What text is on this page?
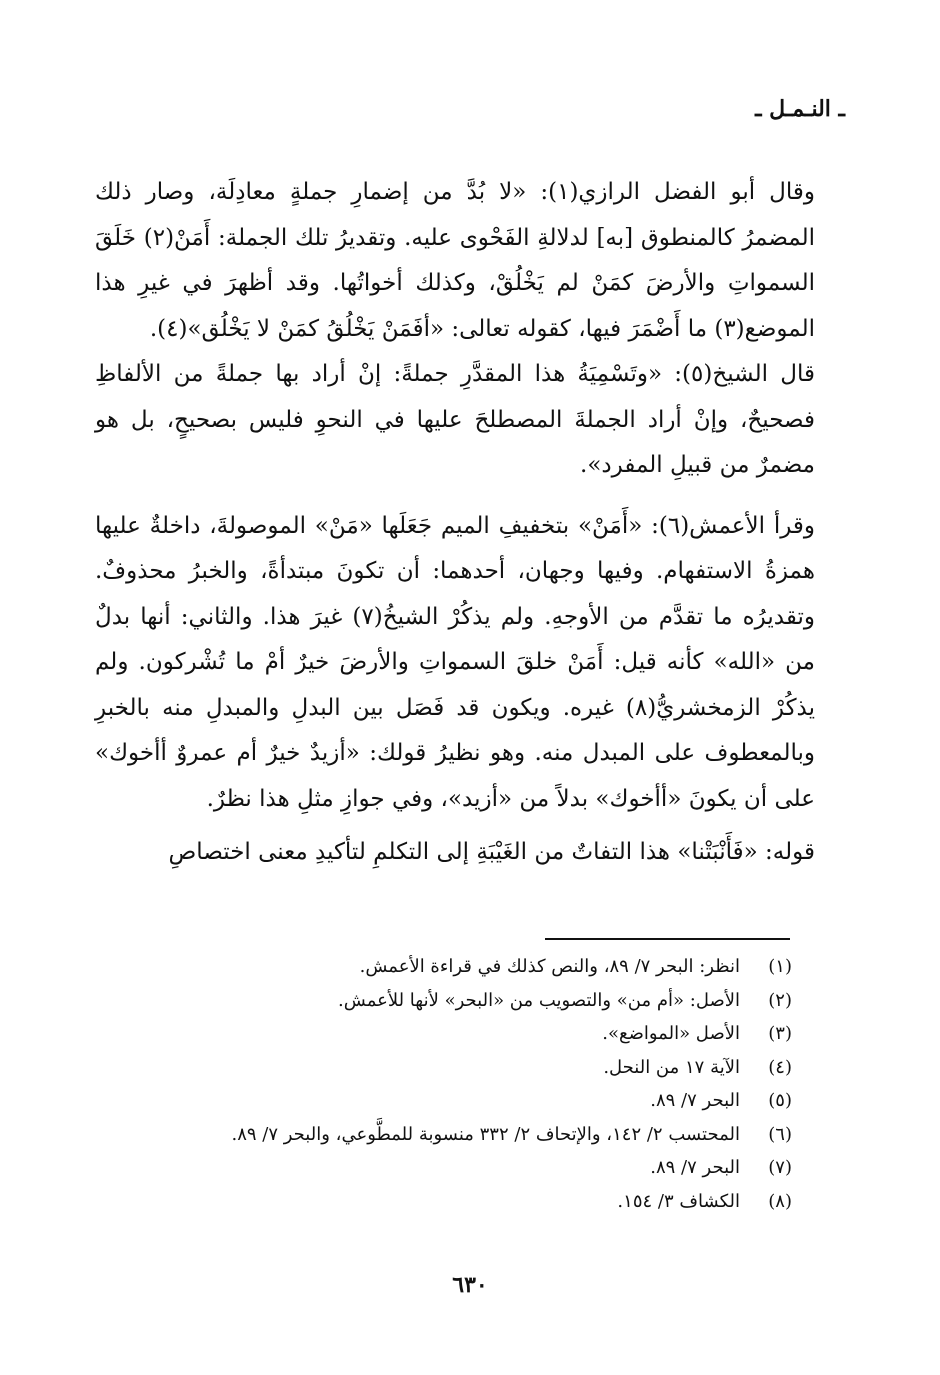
ـ النـمـل ـ

وقال أبو الفضل الرازي(١): «لا بُدَّ من إضمارِ جملةٍ معادِلَة، وصار ذلك المضمرُ كالمنطوق [به] لدلالةِ الفَحْوى عليه. وتقديرُ تلك الجملة: أَمَنْ(٢) خَلَقَ السمواتِ والأرضَ كمَنْ لم يَخْلُقْ، وكذلك أخواتُها. وقد أظهرَ في غيرِ هذا الموضع(٣) ما أَضْمَرَ فيها، كقوله تعالى: «أفَمَنْ يَخْلُقُ كمَنْ لا يَخْلُق»(٤).

قال الشيخ(٥): «وتَسْمِيَةُ هذا المقدَّرِ جملةً: إنْ أراد بها جملةً من الألفاظِ فصحيحٌ، وإنْ أراد الجملةَ المصطلحَ عليها في النحوِ فليس بصحيحٍ، بل هو مضمرٌ من قبيلِ المفرد».

وقرأ الأعمش(٦): «أَمَنْ» بتخفيفِ الميم جَعَلَها «مَنْ» الموصولةَ، داخلةٌ عليها همزةُ الاستفهام. وفيها وجهان، أحدهما: أن تكونَ مبتدأةً، والخبرُ محذوفٌ. وتقديرُه ما تقدَّم من الأوجهِ. ولم يذكُرْ الشيخُ(٧) غيرَ هذا. والثاني: أنها بدلٌ من «الله» كأنه قيل: أَمَنْ خلقَ السمواتِ والأرضَ خيرٌ أمْ ما تُشْركون. ولم يذكُرْ الزمخشريُّ(٨) غيره. ويكون قد فَصَل بين البدلِ والمبدلِ منه بالخبرِ وبالمعطوف على المبدل منه. وهو نظيرُ قولك: «أزيدٌ خيرٌ أم عمروٌ أأخوك» على أن يكونَ «أأخوك» بدلاً من «أزيد»، وفي جوازِ مثلِ هذا نظرٌ.

قوله: «فَأَنْبَتْنا» هذا التفاتٌ من الغَيْبَةِ إلى التكلمِ لتأكيدِ معنى اختصاصِ

(١)
انظر: البحر ٧/ ٨٩، والنص كذلك في قراءة الأعمش.
(٢)
الأصل: «أم من» والتصويب من «البحر» لأنها للأعمش.
(٣)
الأصل «المواضع».
(٤)
الآية ١٧ من النحل.
(٥)
البحر ٧/ ٨٩.
(٦)
المحتسب ٢/ ١٤٢، والإتحاف ٢/ ٣٣٢ منسوبة للمطَّوعي، والبحر ٧/ ٨٩.
(٧)
البحر ٧/ ٨٩.
(٨)
الكشاف ٣/ ١٥٤.
٦٣٠
